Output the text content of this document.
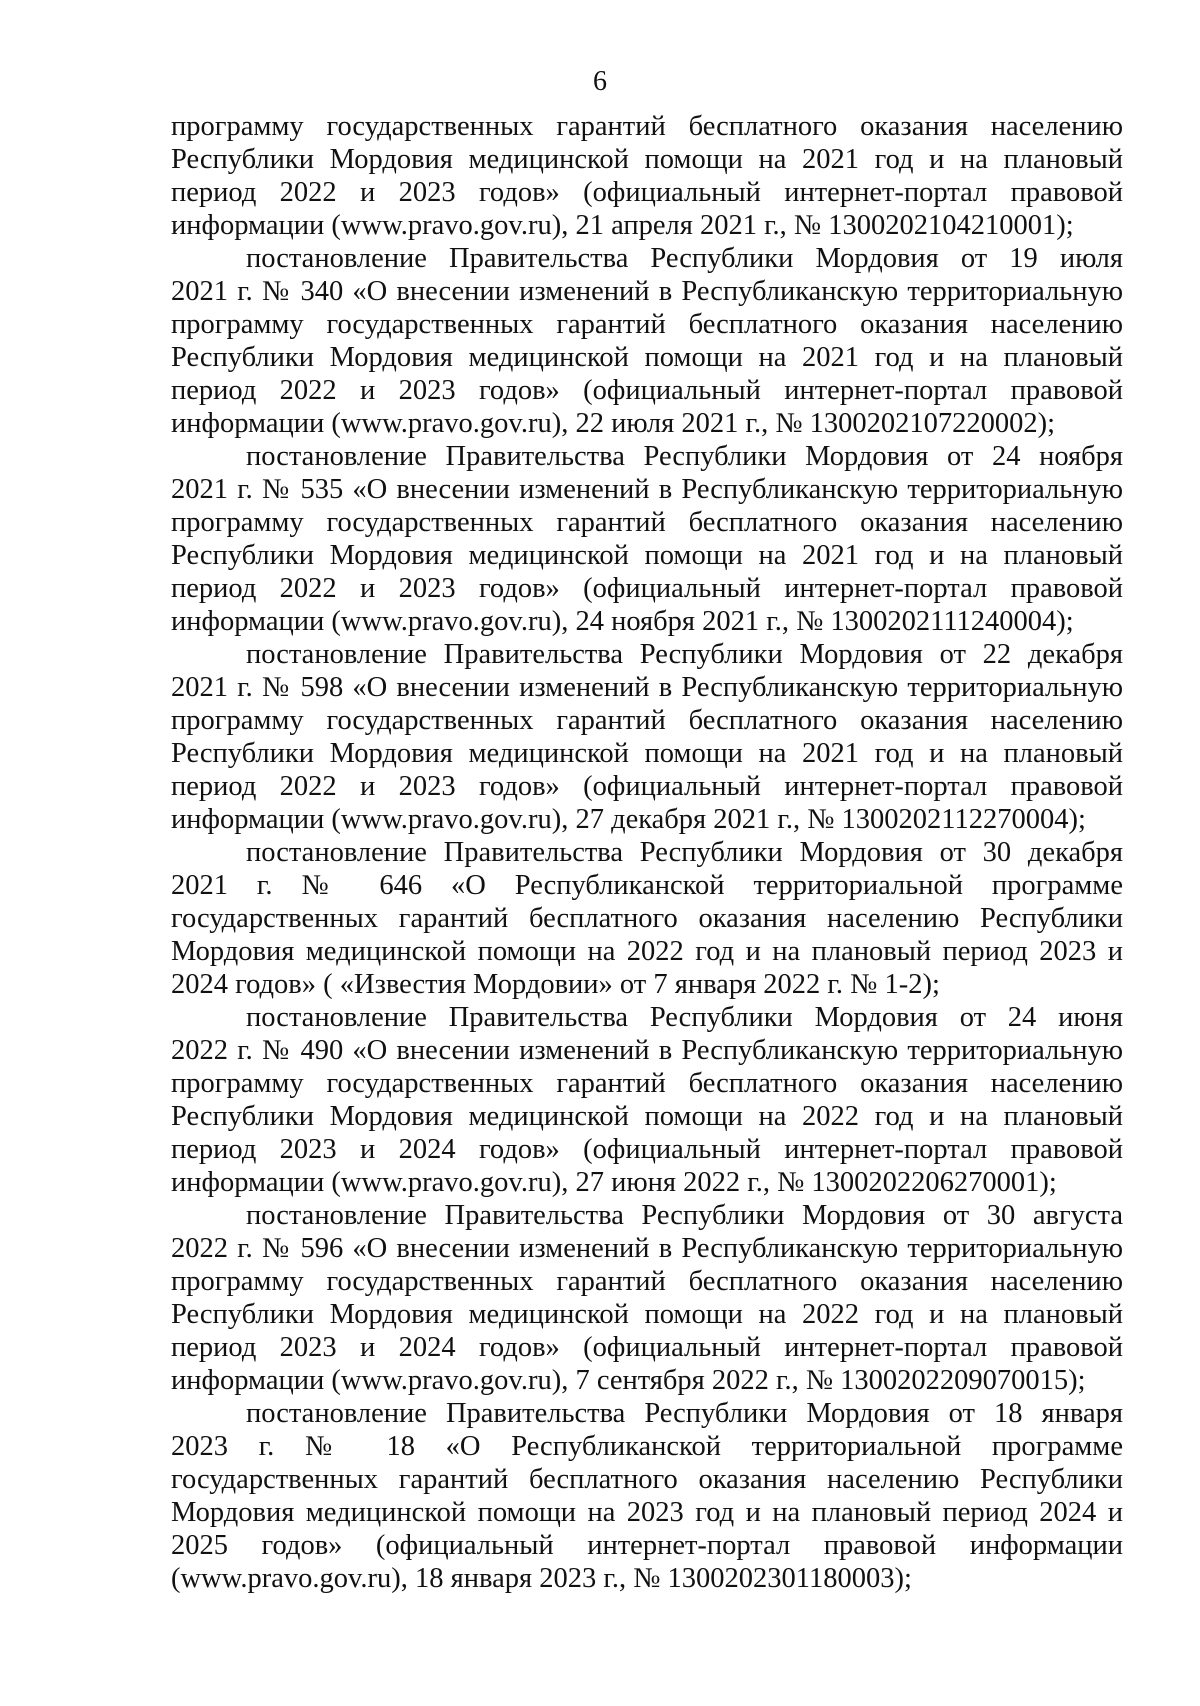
6
программу государственных гарантий бесплатного оказания населению
Республики Мордовия медицинской помощи на 2021 год и на плановый
период 2022 и 2023 годов» (официальный интернет-портал правовой
информации (www.pravo.gov.ru), 21 апреля 2021 г., № 1300202104210001);
постановление Правительства Республики Мордовия от 19 июля
2021 г. № 340 «О внесении изменений в Республиканскую территориальную
программу государственных гарантий бесплатного оказания населению
Республики Мордовия медицинской помощи на 2021 год и на плановый
период 2022 и 2023 годов» (официальный интернет-портал правовой
информации (www.pravo.gov.ru), 22 июля 2021 г., № 1300202107220002);
постановление Правительства Республики Мордовия от 24 ноября
2021 г. № 535 «О внесении изменений в Республиканскую территориальную
программу государственных гарантий бесплатного оказания населению
Республики Мордовия медицинской помощи на 2021 год и на плановый
период 2022 и 2023 годов» (официальный интернет-портал правовой
информации (www.pravo.gov.ru), 24 ноября 2021 г., № 1300202111240004);
постановление Правительства Республики Мордовия от 22 декабря
2021 г. № 598 «О внесении изменений в Республиканскую территориальную
программу государственных гарантий бесплатного оказания населению
Республики Мордовия медицинской помощи на 2021 год и на плановый
период 2022 и 2023 годов» (официальный интернет-портал правовой
информации (www.pravo.gov.ru), 27 декабря 2021 г., № 1300202112270004);
постановление Правительства Республики Мордовия от 30 декабря
2021 г. № 646 «О Республиканской территориальной программе
государственных гарантий бесплатного оказания населению Республики
Мордовия медицинской помощи на 2022 год и на плановый период 2023 и
2024 годов» ( «Известия Мордовии» от 7 января 2022 г. № 1-2);
постановление Правительства Республики Мордовия от 24 июня
2022 г. № 490 «О внесении изменений в Республиканскую территориальную
программу государственных гарантий бесплатного оказания населению
Республики Мордовия медицинской помощи на 2022 год и на плановый
период 2023 и 2024 годов» (официальный интернет-портал правовой
информации (www.pravo.gov.ru), 27 июня 2022 г., № 1300202206270001);
постановление Правительства Республики Мордовия от 30 августа
2022 г. № 596 «О внесении изменений в Республиканскую территориальную
программу государственных гарантий бесплатного оказания населению
Республики Мордовия медицинской помощи на 2022 год и на плановый
период 2023 и 2024 годов» (официальный интернет-портал правовой
информации (www.pravo.gov.ru), 7 сентября 2022 г., № 1300202209070015);
постановление Правительства Республики Мордовия от 18 января
2023 г. № 18 «О Республиканской территориальной программе
государственных гарантий бесплатного оказания населению Республики
Мордовия медицинской помощи на 2023 год и на плановый период 2024 и
2025 годов» (официальный интернет-портал правовой информации
(www.pravo.gov.ru), 18 января 2023 г., № 1300202301180003);
